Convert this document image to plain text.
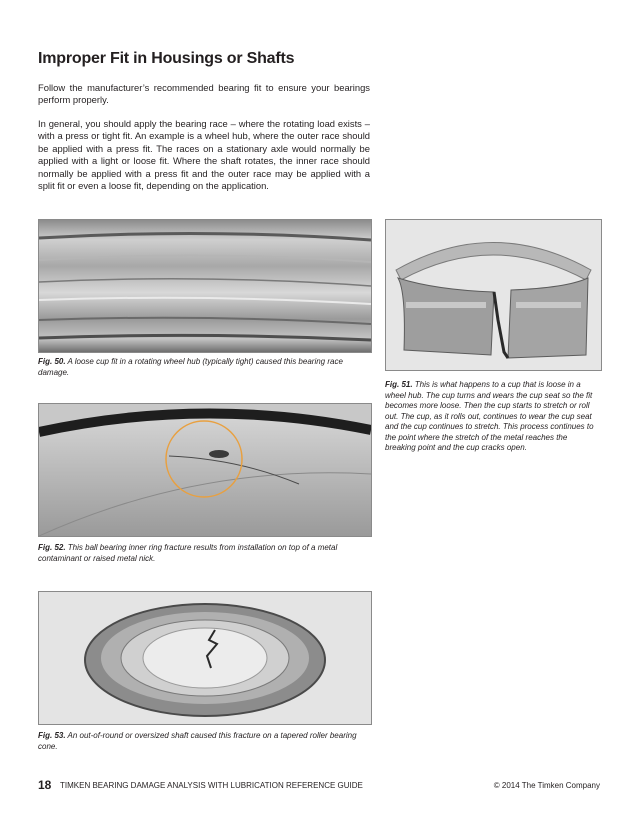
Improper Fit in Housings or Shafts

Follow the manufacturer’s recommended bearing fit to ensure your bearings perform properly.

In general, you should apply the bearing race – where the rotating load exists – with a press or tight fit. An example is a wheel hub, where the outer race should be applied with a press fit. The races on a stationary axle would normally be applied with a light or loose fit. Where the shaft rotates, the inner race should normally be applied with a press fit and the outer race may be applied with a split fit or even a loose fit, depending on the application.

Fig. 50. A loose cup fit in a rotating wheel hub (typically tight) caused this bearing race damage.

Fig. 51. This is what happens to a cup that is loose in a wheel hub. The cup turns and wears the cup seat so the fit becomes more loose. Then the cup starts to stretch or roll out. The cup, as it rolls out, continues to wear the cup seat and the cup continues to stretch. This process continues to the point where the stretch of the metal reaches the breaking point and the cup cracks open.

Fig. 52. This ball bearing inner ring fracture results from installation on top of a metal contaminant or raised metal nick.

Fig. 53. An out-of-round or oversized shaft caused this fracture on a tapered roller bearing cone.

18 TIMKEN BEARING DAMAGE ANALYSIS WITH LUBRICATION REFERENCE GUIDE	© 2014 The Timken Company
